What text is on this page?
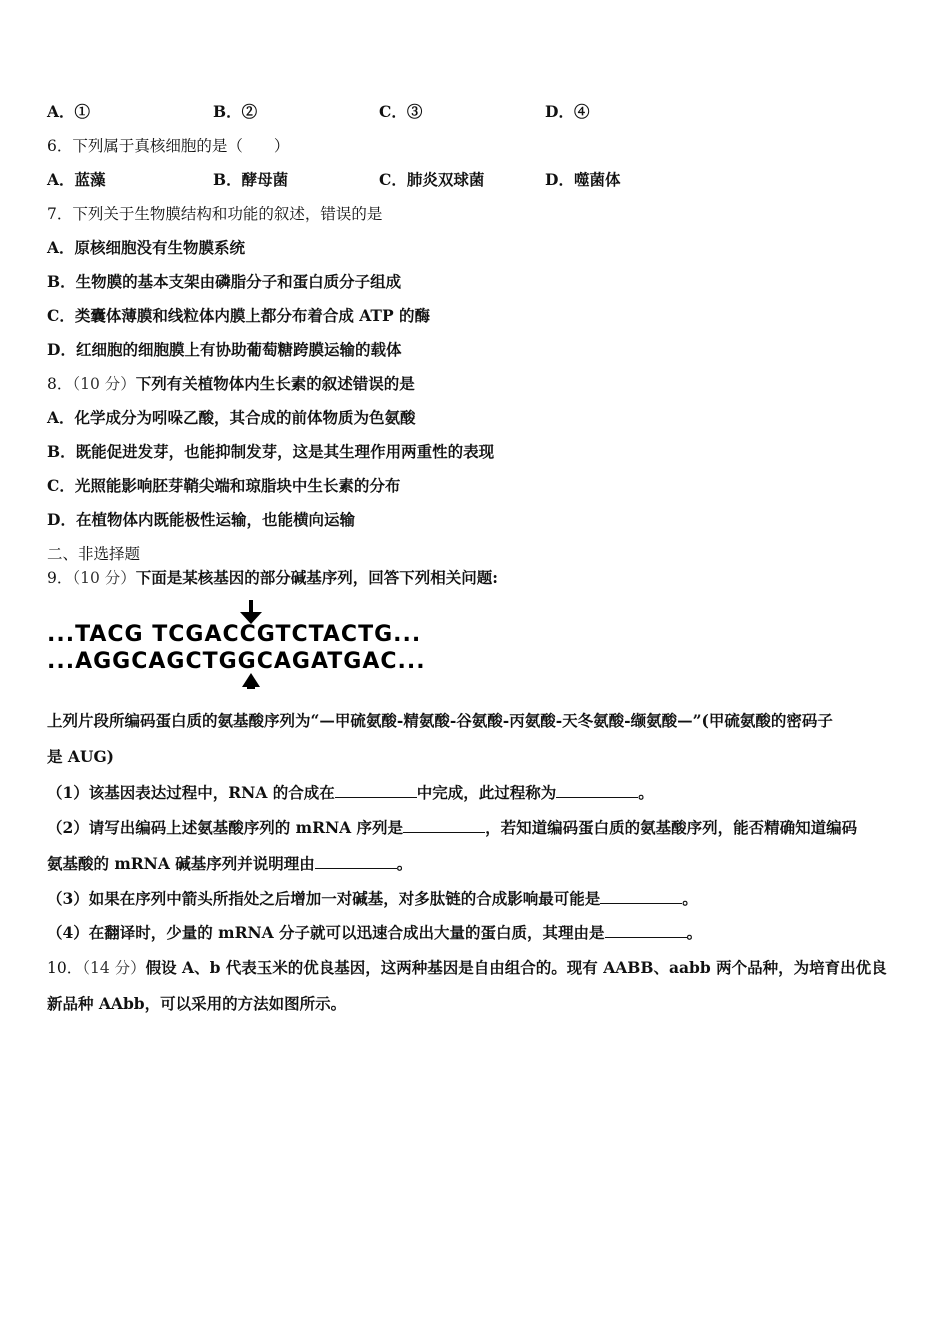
A．①	B．②	C．③	D．④
6．下列属于真核细胞的是（　　）
A．蓝藻	B．酵母菌	C．肺炎双球菌	D．噬菌体
7．下列关于生物膜结构和功能的叙述，错误的是
A．原核细胞没有生物膜系统
B．生物膜的基本支架由磷脂分子和蛋白质分子组成
C．类囊体薄膜和线粒体内膜上都分布着合成 ATP 的酶
D．红细胞的细胞膜上有协助葡萄糖跨膜运输的载体
8．（10 分）下列有关植物体内生长素的叙述错误的是
A．化学成分为吲哚乙酸，其合成的前体物质为色氨酸
B．既能促进发芽，也能抑制发芽，这是其生理作用两重性的表现
C．光照能影响胚芽鞘尖端和琼脂块中生长素的分布
D．在植物体内既能极性运输，也能横向运输
二、非选择题
9．（10 分）下面是某核基因的部分碱基序列，回答下列相关问题:
...TACG TCGACCGTCTACTG...
...AGGCAGCTGGCAGATGAC...
上列片段所编码蛋白质的氨基酸序列为“—甲硫氨酸-精氨酸-谷氨酸-丙氨酸-天冬氨酸-缬氨酸—”(甲硫氨酸的密码子
是 AUG)
（1）该基因表达过程中，RNA 的合成在	中完成，此过程称为	。
（2）请写出编码上述氨基酸序列的 mRNA 序列是	，若知道编码蛋白质的氨基酸序列，能否精确知道编码
氨基酸的 mRNA 碱基序列并说明理由	。
（3）如果在序列中箭头所指处之后增加一对碱基，对多肽链的合成影响最可能是	。
（4）在翻译时，少量的 mRNA 分子就可以迅速合成出大量的蛋白质，其理由是	。
10．（14 分）假设 A、b 代表玉米的优良基因，这两种基因是自由组合的。现有 AABB、aabb 两个品种，为培育出优良
新品种 AAbb，可以采用的方法如图所示。
